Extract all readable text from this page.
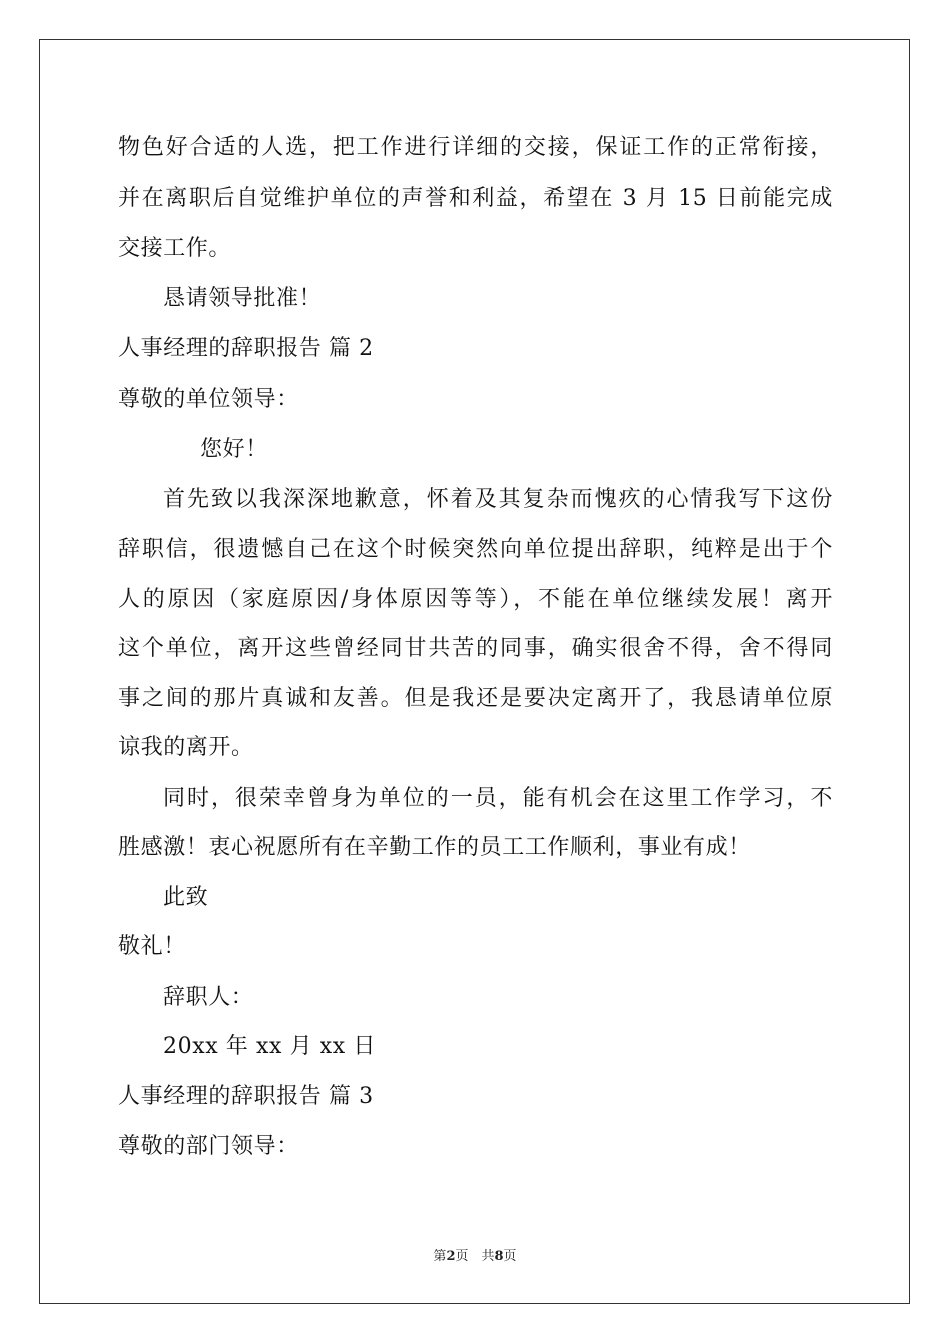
物色好合适的人选，把工作进行详细的交接，保证工作的正常衔接，
并在离职后自觉维护单位的声誉和利益，希望在 3 月 15 日前能完成
交接工作。
恳请领导批准！
人事经理的辞职报告 篇 2
尊敬的单位领导：
您好！
首先致以我深深地歉意，怀着及其复杂而愧疚的心情我写下这份
辞职信，很遗憾自己在这个时候突然向单位提出辞职，纯粹是出于个
人的原因（家庭原因/身体原因等等），不能在单位继续发展！离开
这个单位，离开这些曾经同甘共苦的同事，确实很舍不得，舍不得同
事之间的那片真诚和友善。但是我还是要决定离开了，我恳请单位原
谅我的离开。
同时，很荣幸曾身为单位的一员，能有机会在这里工作学习，不
胜感激！衷心祝愿所有在辛勤工作的员工工作顺利，事业有成！
此致
敬礼！
辞职人：
20xx 年 xx 月 xx 日
人事经理的辞职报告 篇 3
尊敬的部门领导：
第2页　共8页
